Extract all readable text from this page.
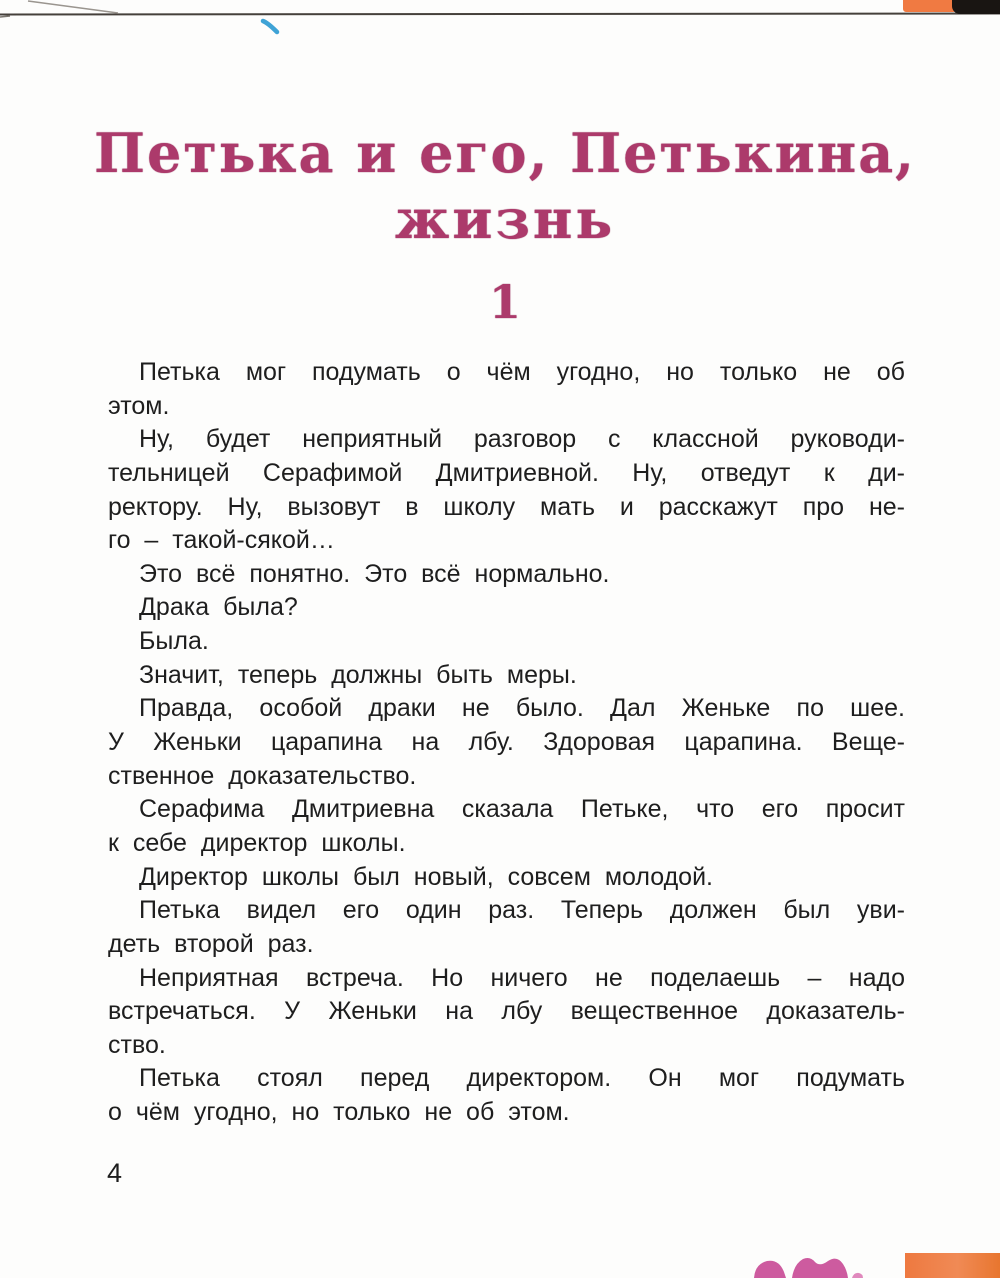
Петька и его, Петькина,
жизнь
1
Петька мог подумать о чём угодно, но только не об
этом.
Ну, будет неприятный разговор с классной руководи-
тельницей Серафимой Дмитриевной. Ну, отведут к ди-
ректору. Ну, вызовут в школу мать и расскажут про не-
го – такой-сякой…
Это всё понятно. Это всё нормально.
Драка была?
Была.
Значит, теперь должны быть меры.
Правда, особой драки не было. Дал Женьке по шее.
У Женьки царапина на лбу. Здоровая царапина. Веще-
ственное доказательство.
Серафима Дмитриевна сказала Петьке, что его просит
к себе директор школы.
Директор школы был новый, совсем молодой.
Петька видел его один раз. Теперь должен был уви-
деть второй раз.
Неприятная встреча. Но ничего не поделаешь – надо
встречаться. У Женьки на лбу вещественное доказатель-
ство.
Петька стоял перед директором. Он мог подумать
о чём угодно, но только не об этом.
4
